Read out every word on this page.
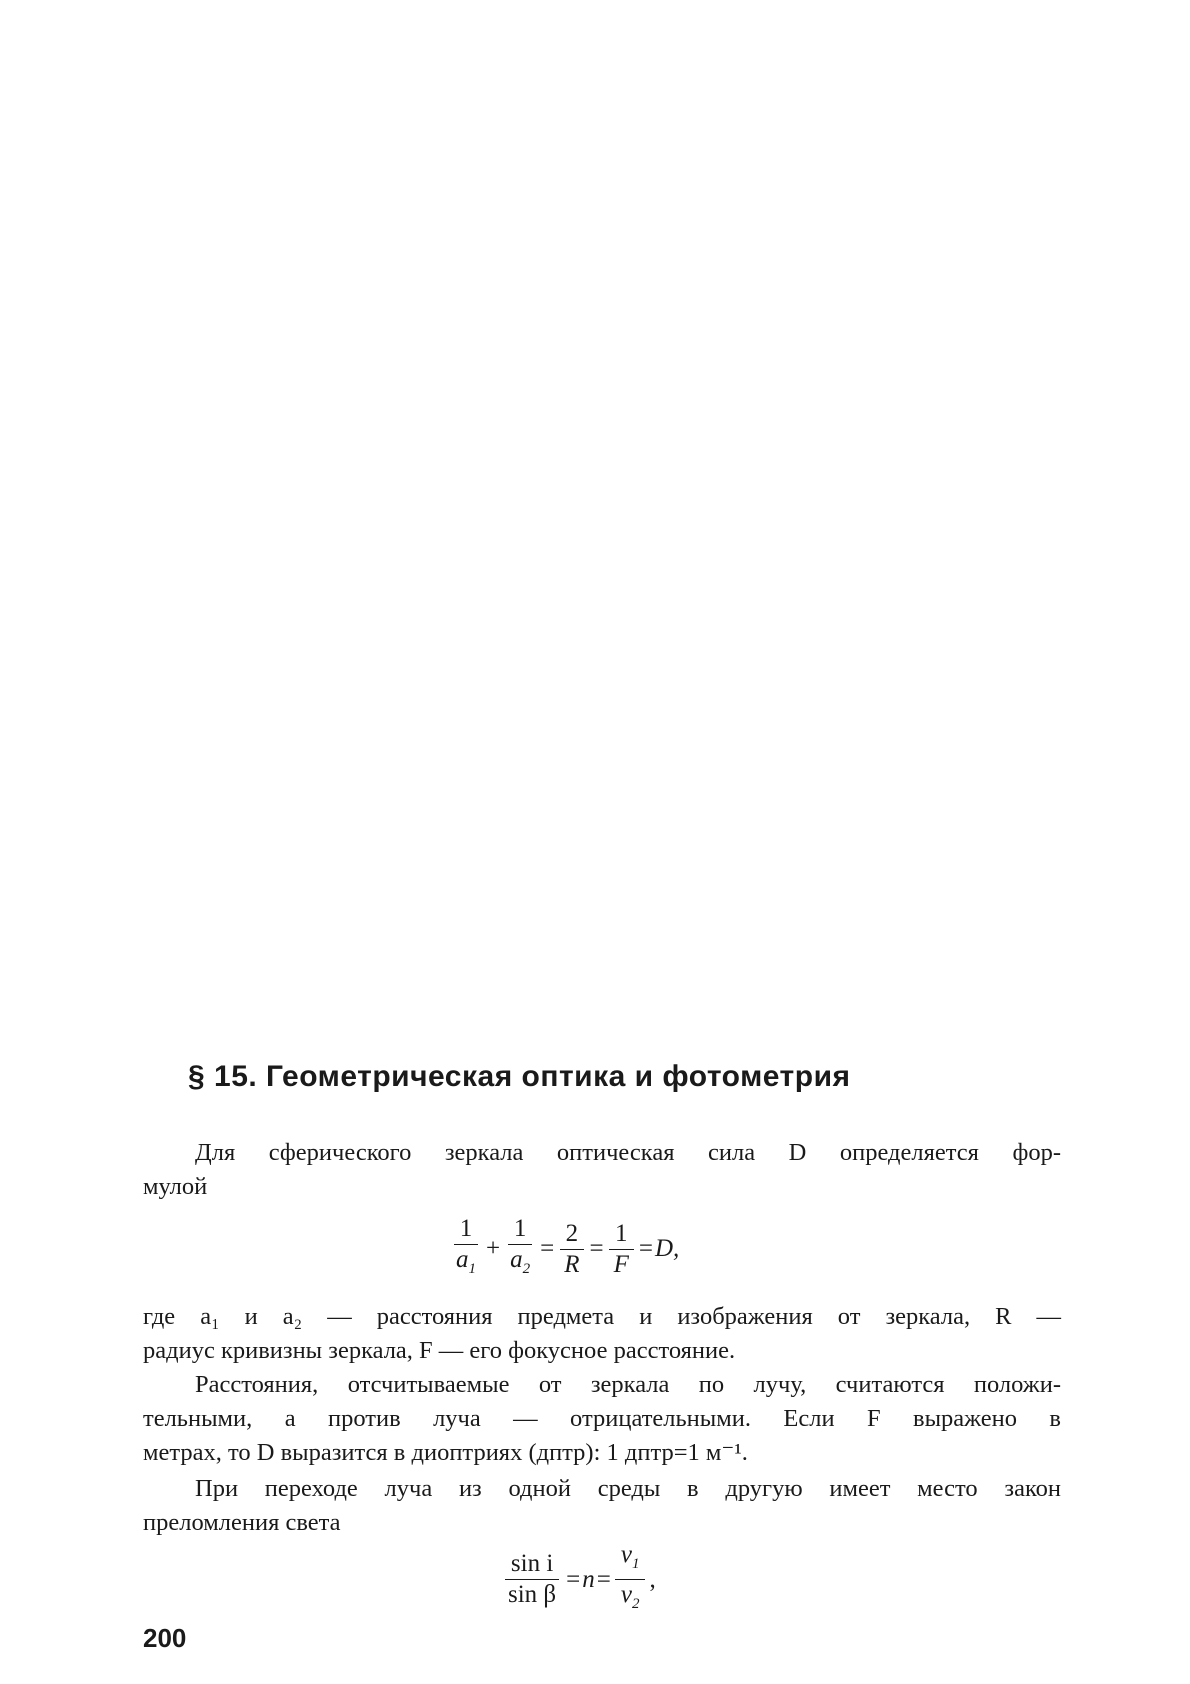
§ 15. Геометрическая оптика и фотометрия

Для сферического зеркала оптическая сила D определяется фор-
мулой

$\frac{1}{a_1} + \frac{1}{a_2} = \frac{2}{R} = \frac{1}{F} = D$,

где a₁ и a₂ — расстояния предмета и изображения от зеркала, R —
радиус кривизны зеркала, F — его фокусное расстояние.

Расстояния, отсчитываемые от зеркала по лучу, считаются положи-
тельными, а против луча — отрицательными. Если F выражено в
метрах, то D выразится в диоптриях (дптр): 1 дптр=1 м⁻¹.

При переходе луча из одной среды в другую имеет место закон
преломления света

$\frac{\text{sin i}}{\text{sin β}} = n = \frac{v_1}{v_2}$ ,

200
